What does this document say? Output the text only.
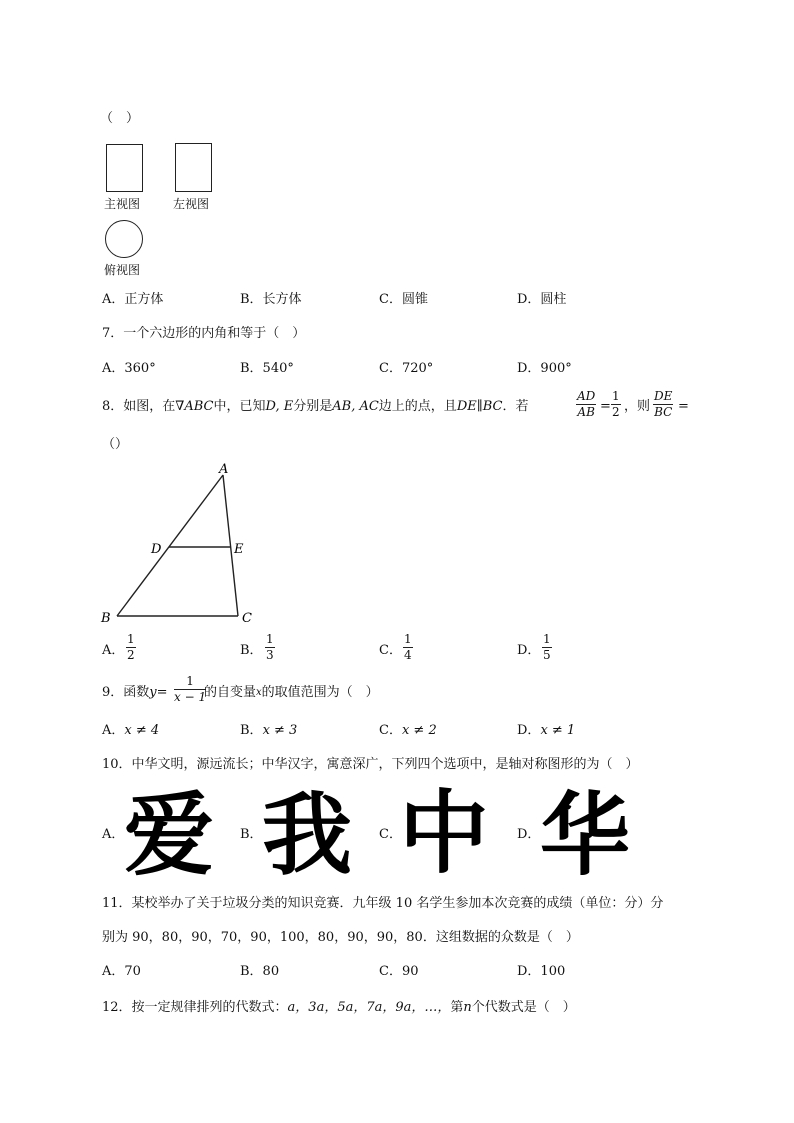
（　）
主视图	左视图
俯视图
A．正方体	B．长方体	C．圆锥	D．圆柱
7．一个六边形的内角和等于（　）
A．360°	B．540°	C．720°	D．900°
8．如图，在∇ABC中，已知D, E分别是AB, AC边上的点，且DE∥BC．若
AD
AB =
1
2 ，则
DE
BC =
（）
A
D	E
B	C
A．
1
2	B．
1
3	C．
1
4	D．
1
5
9．函数y=
1
x − 1
的自变量$^x$的取值范围为（　）
A．x ≠ 4	B．x ≠ 3	C．x ≠ 2	D．x ≠ 1
10．中华文明，源远流长；中华汉字，寓意深广，下列四个选项中，是轴对称图形的为（　）
A． 爱 B． 我 C．
中 D． 华
11．某校举办了关于垃圾分类的知识竞赛．九年级 10 名学生参加本次竞赛的成绩（单位：分）分
别为 90，80，90，70，90，100，80，90，90，80．这组数据的众数是（　）
A．70	B．80	C．90	D．100
12．按一定规律排列的代数式：a，3a，5a，7a，9a，…，第n个代数式是（　）
